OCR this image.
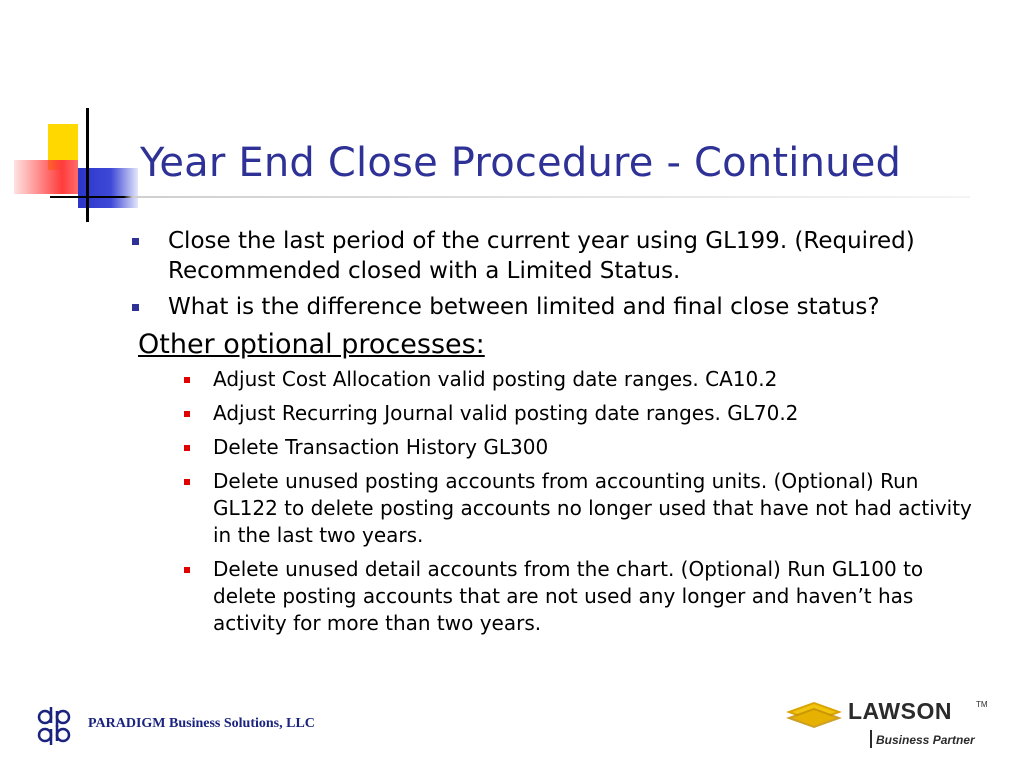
Year End Close Procedure - Continued
Close the last period of the current year using GL199. (Required) Recommended closed with a Limited Status.
What is the difference between limited and final close status?
Other optional processes:
Adjust Cost Allocation valid posting date ranges. CA10.2
Adjust Recurring Journal valid posting date ranges. GL70.2
Delete Transaction History GL300
Delete unused posting accounts from accounting units. (Optional) Run GL122 to delete posting accounts no longer used that have not had activity in the last two years.
Delete unused detail accounts from the chart. (Optional) Run GL100 to delete posting accounts that are not used any longer and haven’t has activity for more than two years.
PARADIGM Business Solutions, LLC	LAWSON	TM
Business Partner
